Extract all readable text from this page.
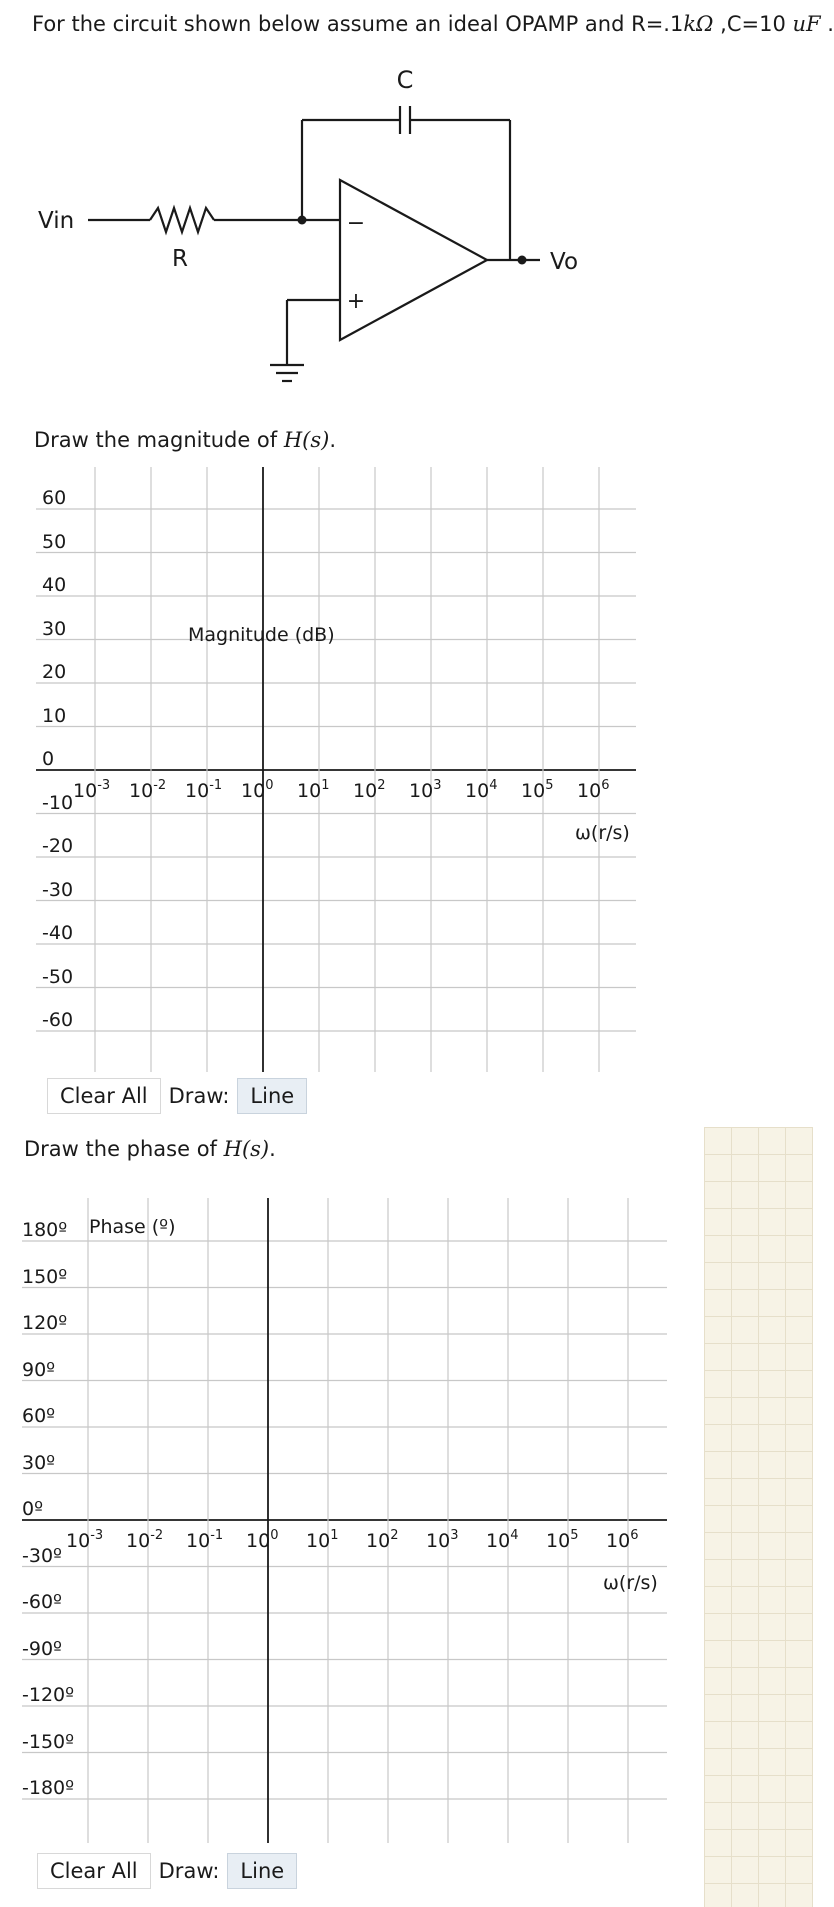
For the circuit shown below assume an ideal OPAMP and R=.1kΩ ,C=10 uF .
Vin
R
C
Vo
−
+
Draw the magnitude of H(s).
60
50
40
30
20
10
0
-10
-20
-30
-40
-50
-60
$10^{-3}$ $10^{-2}$ $10^{-1}$ $10^0$ $10^1$ $10^2$ $10^3$ $10^4$ $10^5$ $10^6$
Magnitude (dB)
ω(r/s)
Clear All	Draw:	Line
Draw the phase of H(s).
180º
150º
120º
90º
60º
30º
0º
-30º
-60º
-90º
-120º
-150º
-180º
$10^{-3}$ $10^{-2}$ $10^{-1}$ $10^0$ $10^1$ $10^2$ $10^3$ $10^4$ $10^5$ $10^6$
Phase (º)
ω(r/s)
Clear All	Draw:	Line
